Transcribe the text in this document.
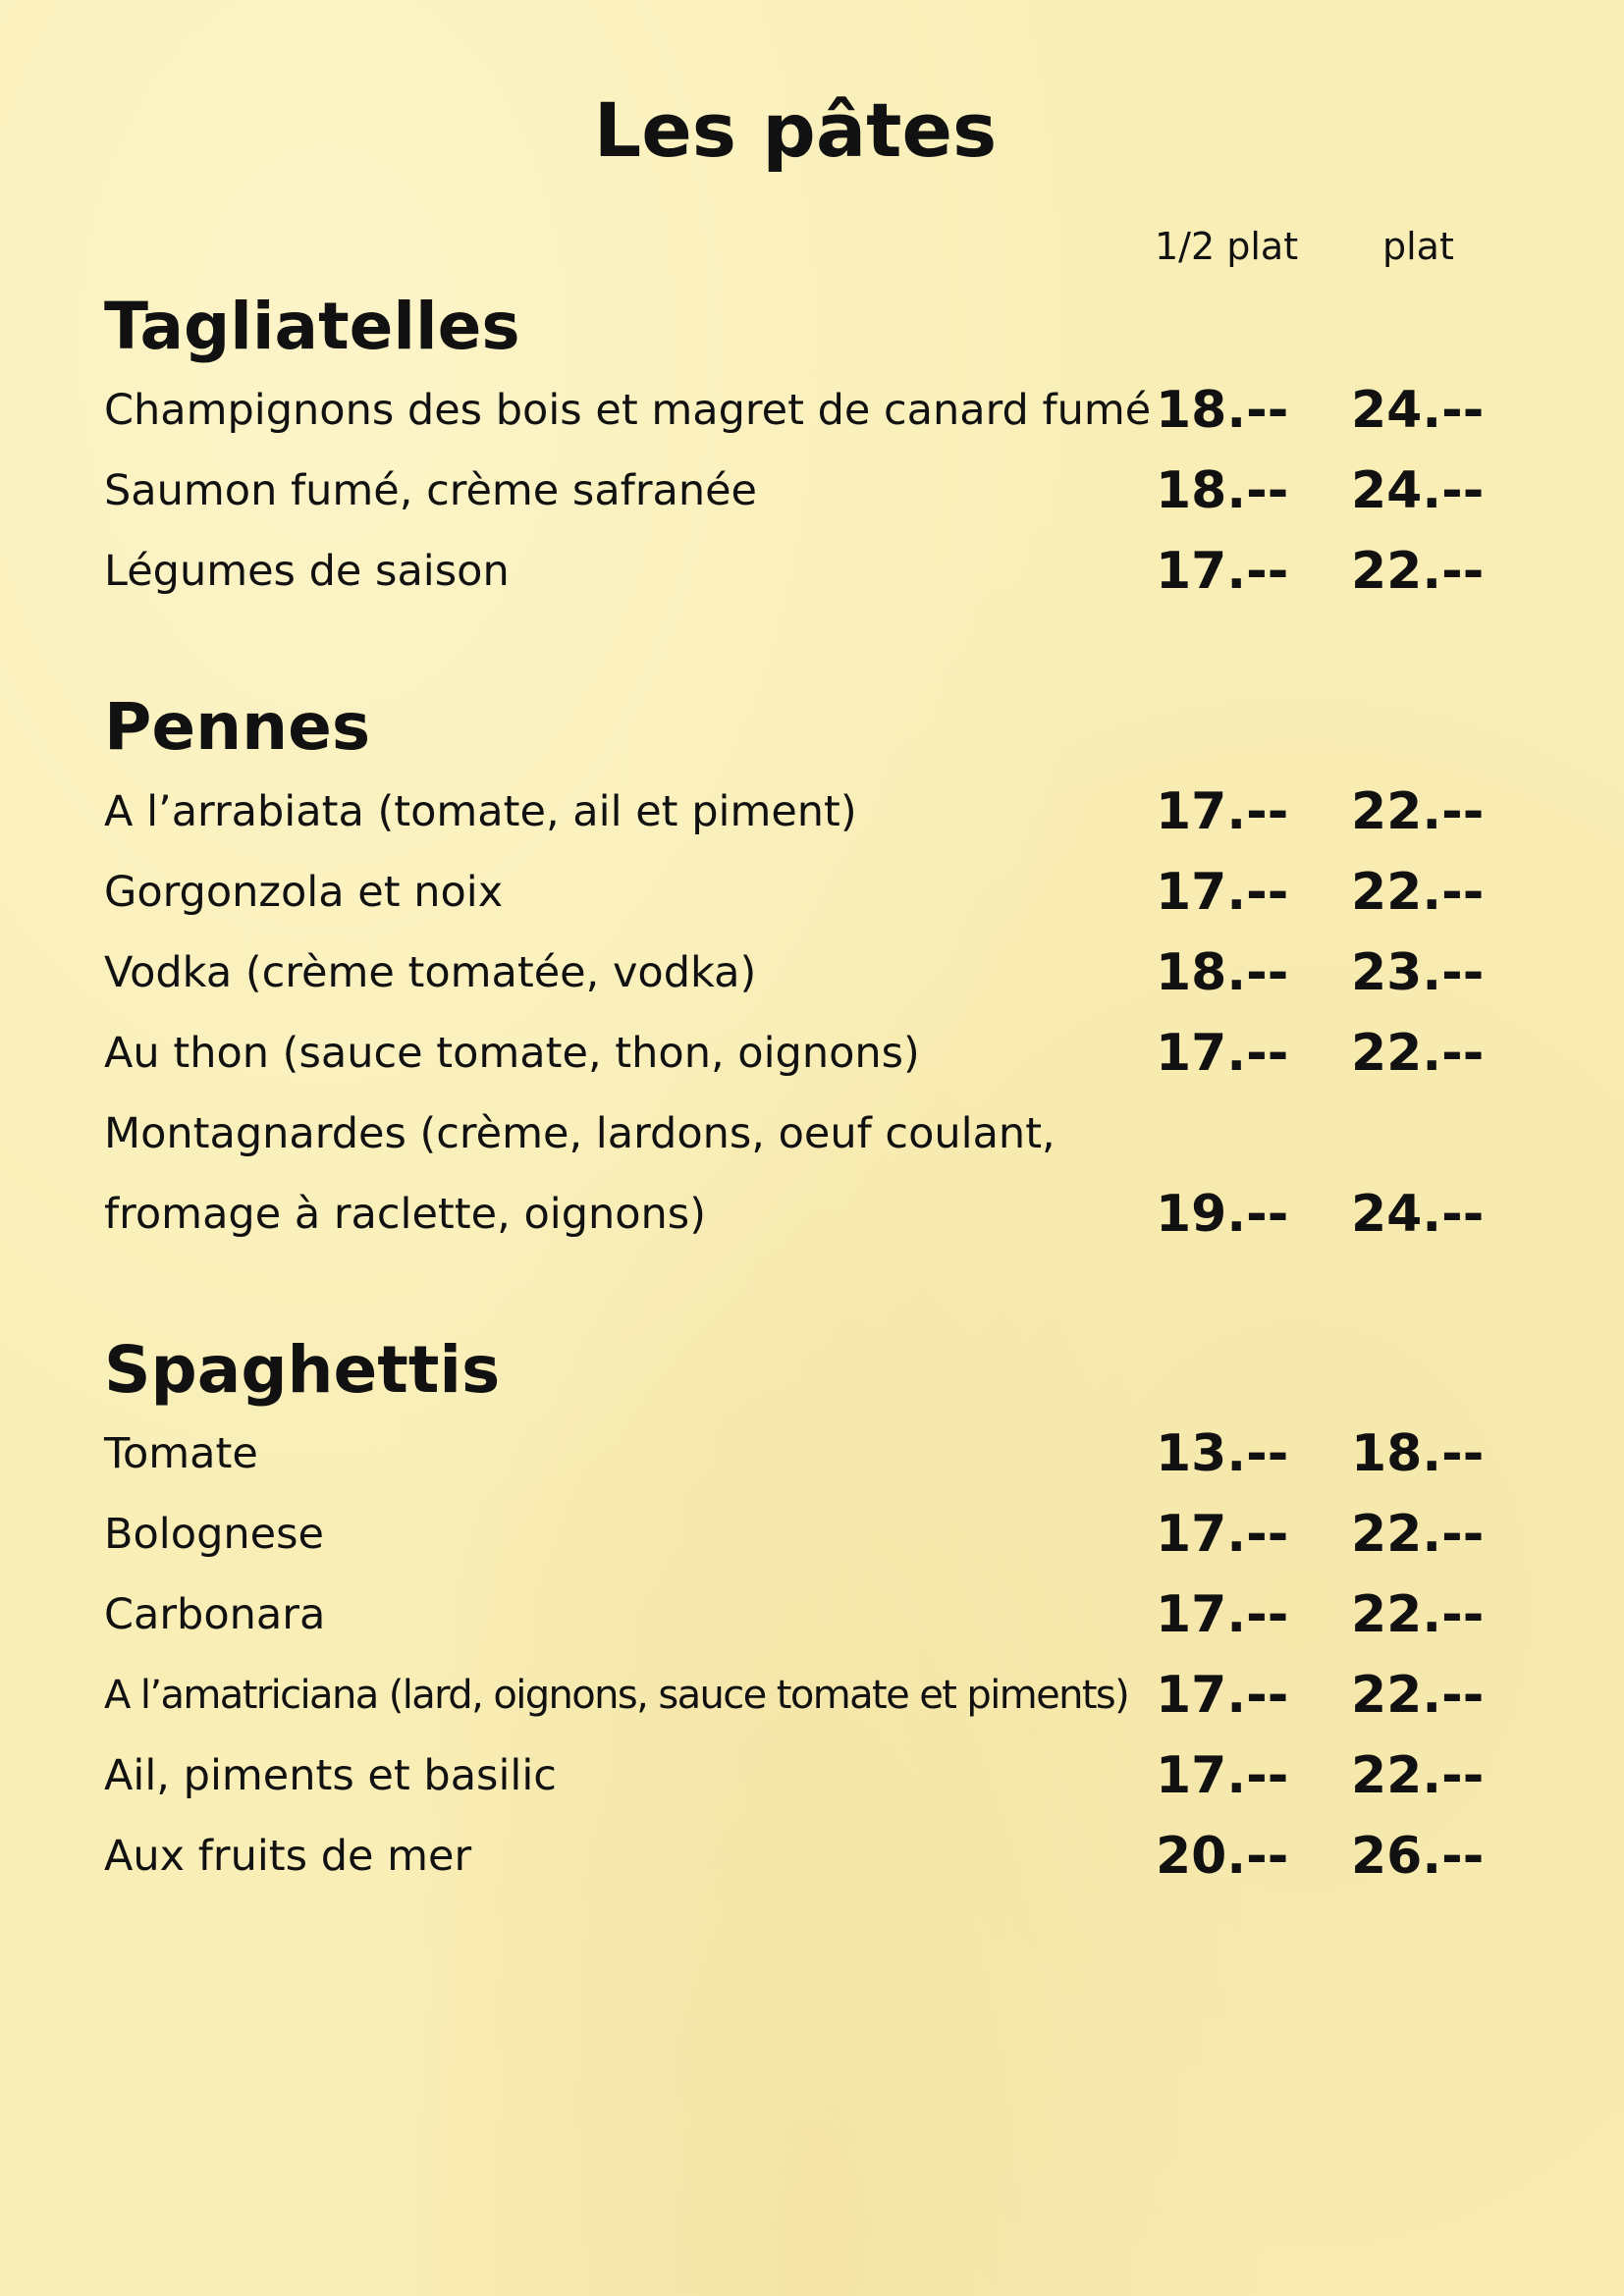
Les pâtes
1/2 plat plat
Tagliatelles
Champignons des bois et magret de canard fumé 18.-- 24.--
Saumon fumé, crème safranée	18.-- 24.--
Légumes de saison	17.-- 22.--
Pennes
A l’arrabiata (tomate, ail et piment)	17.-- 22.--
Gorgonzola et noix	17.-- 22.--
Vodka (crème tomatée, vodka)	18.-- 23.--
Au thon (sauce tomate, thon, oignons)	17.-- 22.--
Montagnardes (crème, lardons, oeuf coulant,
fromage à raclette, oignons)	19.-- 24.--
Spaghettis
Tomate	13.-- 18.--
Bolognese	17.-- 22.--
Carbonara	17.-- 22.--
A l’amatriciana (lard, oignons, sauce tomate et piments) 17.-- 22.--
Ail, piments et basilic	17.-- 22.--
Aux fruits de mer	20.-- 26.--
